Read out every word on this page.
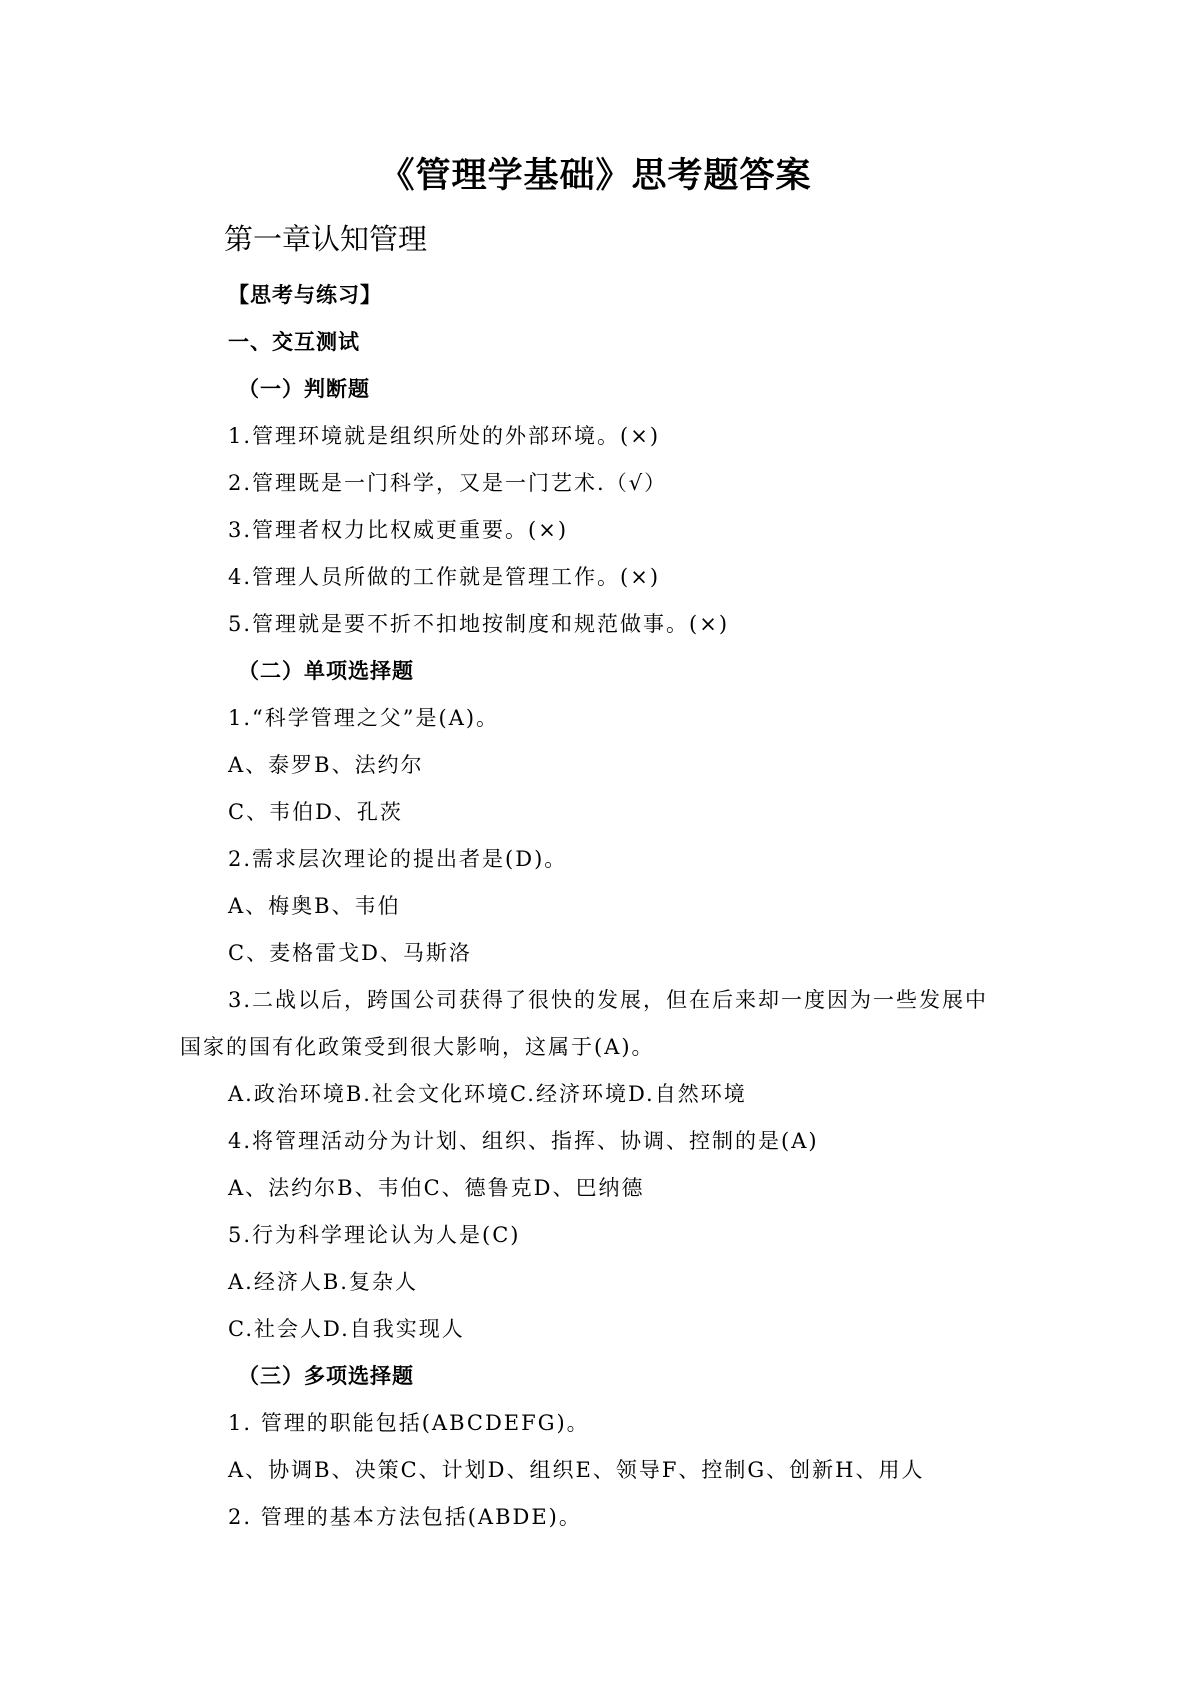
《管理学基础》思考题答案
第一章认知管理
【思考与练习】
一、交互测试
（一）判断题
1.管理环境就是组织所处的外部环境。(×)
2.管理既是一门科学，又是一门艺术.（√）
3.管理者权力比权威更重要。(×)
4.管理人员所做的工作就是管理工作。(×)
5.管理就是要不折不扣地按制度和规范做事。(×)
（二）单项选择题
1.“科学管理之父”是(A)。
A、泰罗B、法约尔
C、韦伯D、孔茨
2.需求层次理论的提出者是(D)。
A、梅奥B、韦伯
C、麦格雷戈D、马斯洛
3.二战以后，跨国公司获得了很快的发展，但在后来却一度因为一些发展中
国家的国有化政策受到很大影响，这属于(A)。
A.政治环境B.社会文化环境C.经济环境D.自然环境
4.将管理活动分为计划、组织、指挥、协调、控制的是(A)
A、法约尔B、韦伯C、德鲁克D、巴纳德
5.行为科学理论认为人是(C)
A.经济人B.复杂人
C.社会人D.自我实现人
（三）多项选择题
1. 管理的职能包括(ABCDEFG)。
A、协调B、决策C、计划D、组织E、领导F、控制G、创新H、用人
2. 管理的基本方法包括(ABDE)。
